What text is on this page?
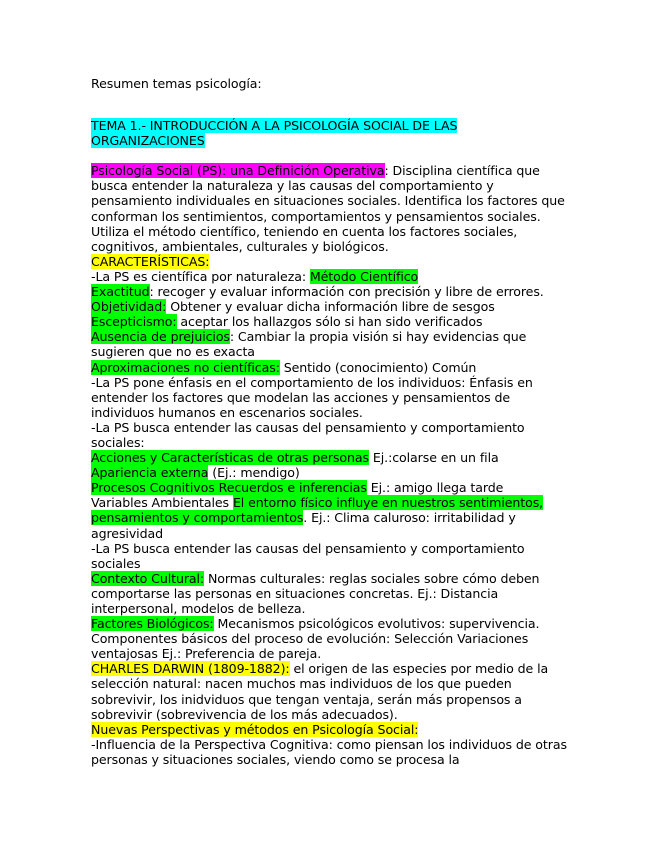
Resumen temas psicología:

TEMA 1.- INTRODUCCIÓN A LA PSICOLOGÍA SOCIAL DE LAS ORGANIZACIONES

Psicología Social (PS): una Definición Operativa: Disciplina científica que busca entender la naturaleza y las causas del comportamiento y pensamiento individuales en situaciones sociales. Identifica los factores que conforman los sentimientos, comportamientos y pensamientos sociales. Utiliza el método científico, teniendo en cuenta los factores sociales, cognitivos, ambientales, culturales y biológicos.

CARACTERÍSTICAS:

-La PS es científica por naturaleza: Método Científico

Exactitud: recoger y evaluar información con precisión y libre de errores.

Objetividad: Obtener y evaluar dicha información libre de sesgos

Escepticismo: aceptar los hallazgos sólo si han sido verificados

Ausencia de prejuicios: Cambiar la propia visión si hay evidencias que sugieren que no es exacta

Aproximaciones no científicas: Sentido (conocimiento) Común

-La PS pone énfasis en el comportamiento de los individuos: Énfasis en entender los factores que modelan las acciones y pensamientos de individuos humanos en escenarios sociales.

-La PS busca entender las causas del pensamiento y comportamiento sociales:

Acciones y Características de otras personas Ej.:colarse en un fila

Apariencia externa (Ej.: mendigo)

Procesos Cognitivos Recuerdos e inferencias Ej.: amigo llega tarde

Variables Ambientales El entorno físico influye en nuestros sentimientos, pensamientos y comportamientos. Ej.: Clima caluroso: irritabilidad y agresividad

-La PS busca entender las causas del pensamiento y comportamiento sociales

Contexto Cultural: Normas culturales: reglas sociales sobre cómo deben comportarse las personas en situaciones concretas. Ej.: Distancia interpersonal, modelos de belleza.

Factores Biológicos: Mecanismos psicológicos evolutivos: supervivencia. Componentes básicos del proceso de evolución: Selección Variaciones ventajosas Ej.: Preferencia de pareja.

CHARLES DARWIN (1809-1882): el origen de las especies por medio de la selección natural: nacen muchos mas individuos de los que pueden sobrevivir, los inidviduos que tengan ventaja, serán más propensos a sobrevivir (sobrevivencia de los más adecuados).

Nuevas Perspectivas y métodos en Psicología Social:

-Influencia de la Perspectiva Cognitiva: como piensan los individuos de otras personas y situaciones sociales, viendo como se procesa la
